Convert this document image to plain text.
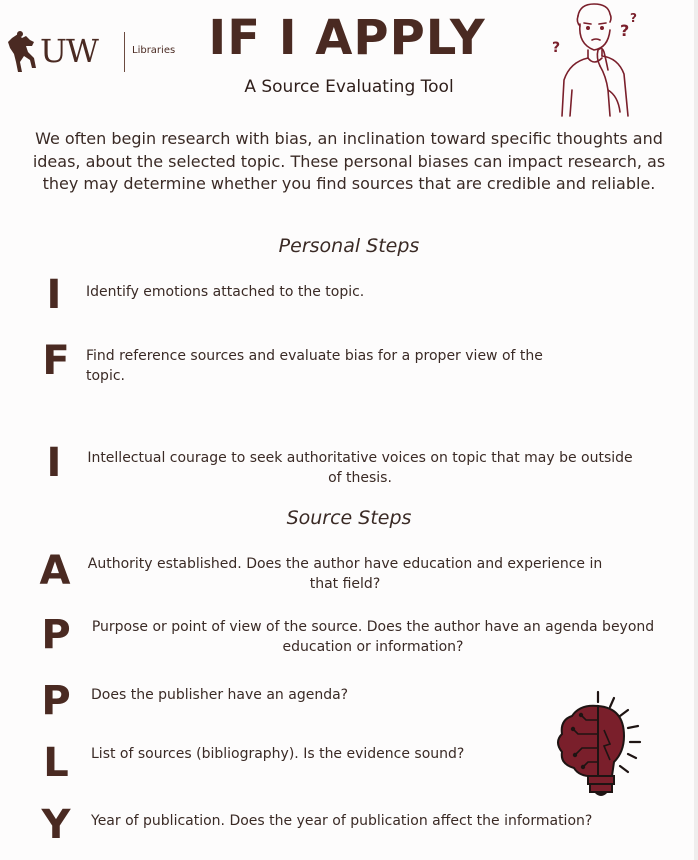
UW	Libraries IF I APPLY
A Source Evaluating Tool
?
?
?
We often begin research with bias, an inclination toward specific thoughts and ideas, about the selected topic. These personal biases can impact research, as they may determine whether you find sources that are credible and reliable.
Personal Steps
I	Identify emotions attached to the topic.
F	Find reference sources and evaluate bias for a proper view of the topic.
I	Intellectual courage to seek authoritative voices on topic that may be outside of thesis.
Source Steps
A	Authority established. Does the author have education and experience in that field?
P	Purpose or point of view of the source. Does the author have an agenda beyond education or information?
P	Does the publisher have an agenda?
L	List of sources (bibliography). Is the evidence sound?
Y	Year of publication. Does the year of publication affect the information?
